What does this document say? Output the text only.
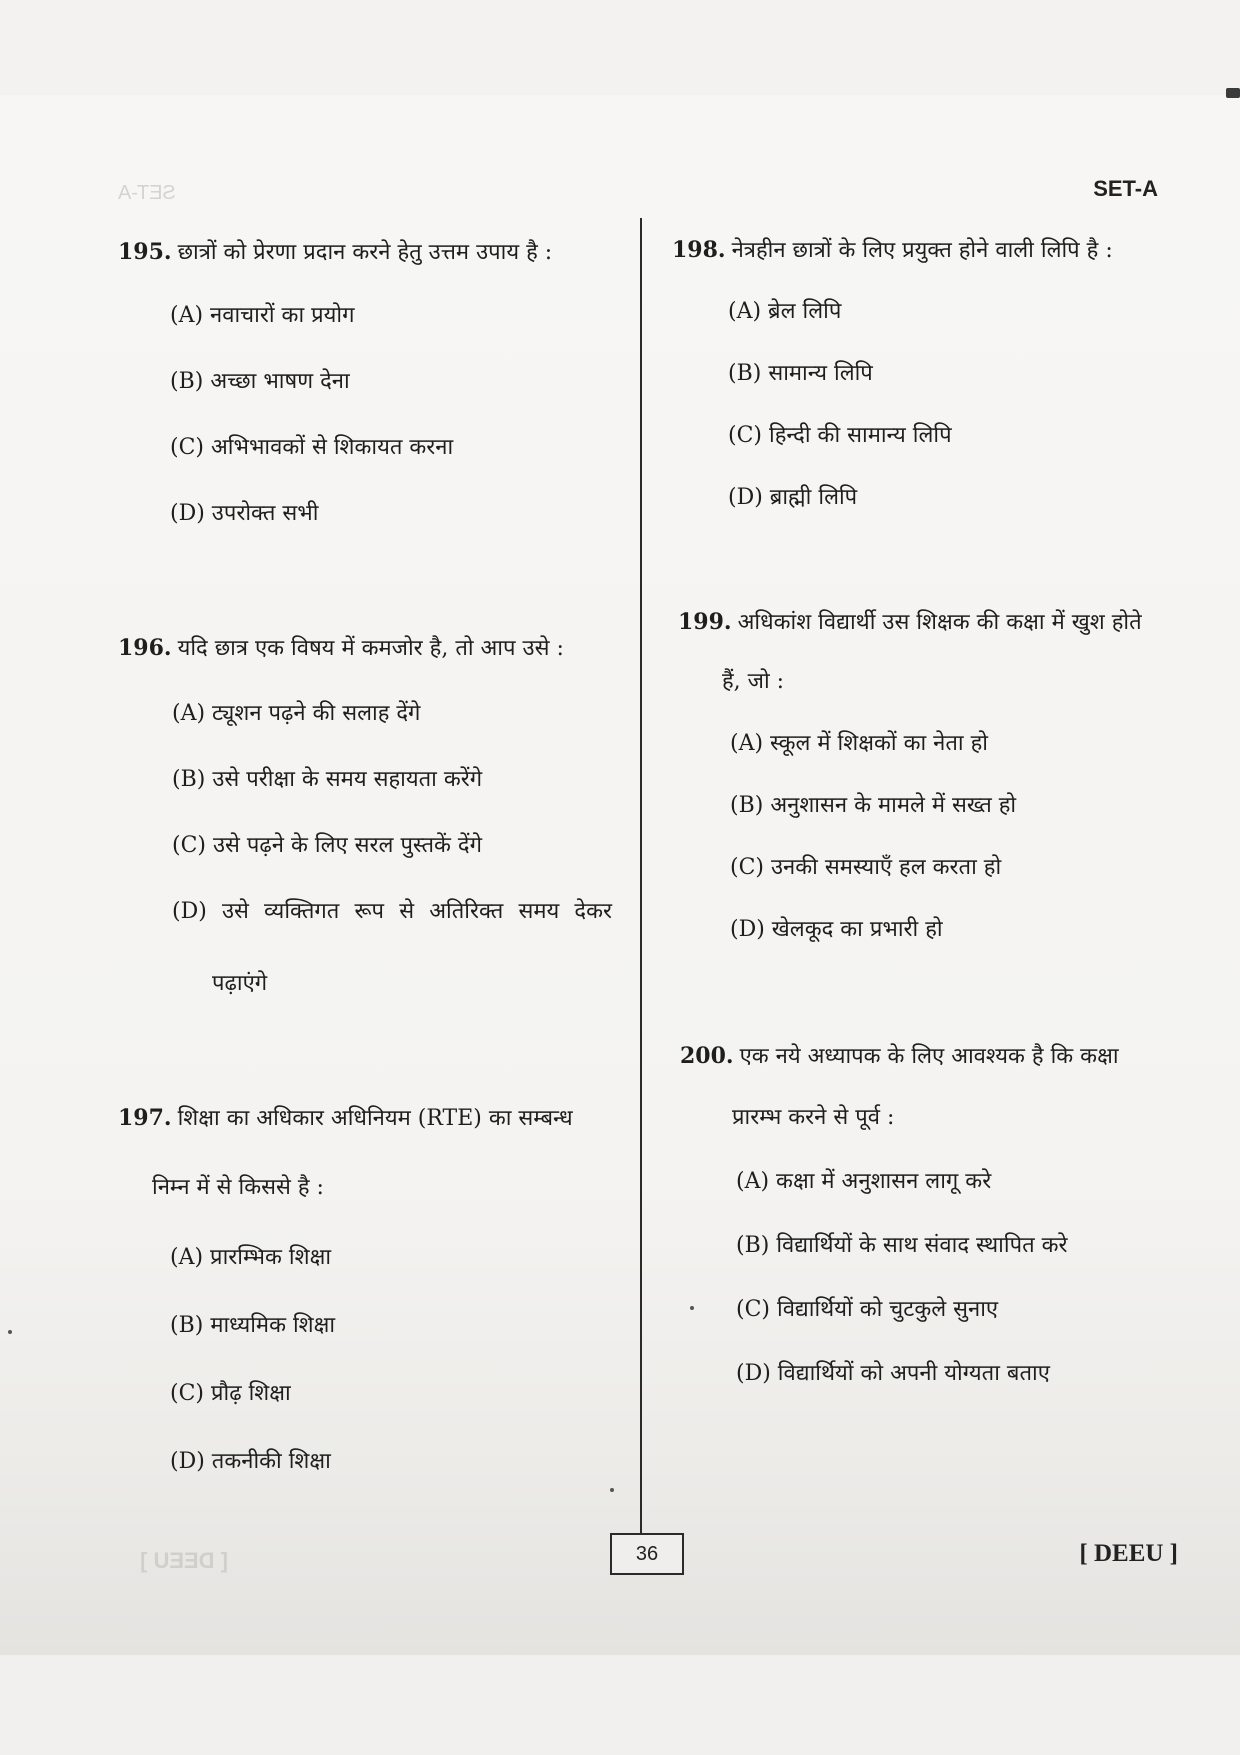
SET-A
[ DEEU ]
SET-A
195. छात्रों को प्रेरणा प्रदान करने हेतु उत्तम उपाय है :
(A) नवाचारों का प्रयोग
(B) अच्छा भाषण देना
(C) अभिभावकों से शिकायत करना
(D) उपरोक्त सभी
196. यदि छात्र एक विषय में कमजोर है, तो आप उसे :
(A) ट्यूशन पढ़ने की सलाह देंगे
(B) उसे परीक्षा के समय सहायता करेंगे
(C) उसे पढ़ने के लिए सरल पुस्तकें देंगे
(D) उसे व्यक्तिगत रूप से अतिरिक्त समय देकर
पढ़ाएंगे
197. शिक्षा का अधिकार अधिनियम (RTE) का सम्बन्ध
निम्न में से किससे है :
(A) प्रारम्भिक शिक्षा
(B) माध्यमिक शिक्षा
(C) प्रौढ़ शिक्षा
(D) तकनीकी शिक्षा
198. नेत्रहीन छात्रों के लिए प्रयुक्त होने वाली लिपि है :
(A) ब्रेल लिपि
(B) सामान्य लिपि
(C) हिन्दी की सामान्य लिपि
(D) ब्राह्मी लिपि
199. अधिकांश विद्यार्थी उस शिक्षक की कक्षा में खुश होते
हैं, जो :
(A) स्कूल में शिक्षकों का नेता हो
(B) अनुशासन के मामले में सख्त हो
(C) उनकी समस्याएँ हल करता हो
(D) खेलकूद का प्रभारी हो
200. एक नये अध्यापक के लिए आवश्यक है कि कक्षा
प्रारम्भ करने से पूर्व :
(A) कक्षा में अनुशासन लागू करे
(B) विद्यार्थियों के साथ संवाद स्थापित करे
(C) विद्यार्थियों को चुटकुले सुनाए
(D) विद्यार्थियों को अपनी योग्यता बताए
36	[ DEEU ]
